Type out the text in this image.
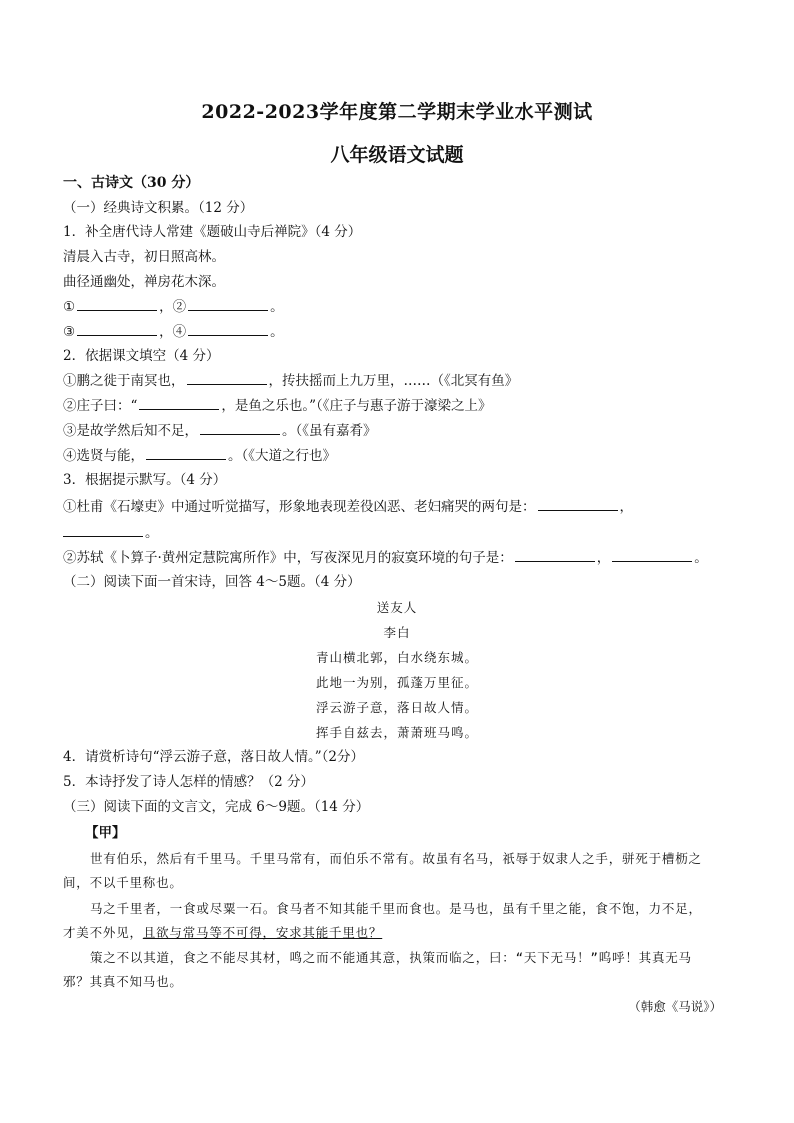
2022-2023学年度第二学期末学业水平测试
八年级语文试题
一、古诗文（30 分）
（一）经典诗文积累。（12 分）
1．补全唐代诗人常建《题破山寺后禅院》（4 分）
清晨入古寺，初日照高林。
曲径通幽处，禅房花木深。
①	，②	。
③	，④	。
2．依据课文填空（4 分）
①鹏之徙于南冥也，	，抟扶摇而上九万里，……（《北冥有鱼》
②庄子曰：“	，是鱼之乐也。”（《庄子与惠子游于濠梁之上》
③是故学然后知不足，	。（《虽有嘉肴》
④选贤与能，	。（《大道之行也》
3．根据提示默写。（4 分）
①杜甫《石壕吏》中通过听觉描写，形象地表现差役凶恶、老妇痛哭的两句是：	，
。
②苏轼《卜算子·黄州定慧院寓所作》中，写夜深见月的寂寞环境的句子是：	，	。
（二）阅读下面一首宋诗，回答 4～5题。（4 分）
送友人
李白
青山横北郭，白水绕东城。
此地一为别，孤蓬万里征。
浮云游子意，落日故人情。
挥手自兹去，萧萧班马鸣。
4．请赏析诗句“浮云游子意，落日故人情。”（2分）
5．本诗抒发了诗人怎样的情感？（2 分）
（三）阅读下面的文言文，完成 6～9题。（14 分）
【甲】
世有伯乐，然后有千里马。千里马常有，而伯乐不常有。故虽有名马，祇辱于奴隶人之手，骈死于槽枥之
间，不以千里称也。
马之千里者，一食或尽粟一石。食马者不知其能千里而食也。是马也，虽有千里之能，食不饱，力不足，
才美不外见，且欲与常马等不可得，安求其能千里也？
策之不以其道，食之不能尽其材，鸣之而不能通其意，执策而临之，曰：“天下无马！”呜呼！其真无马
邪？其真不知马也。
（韩愈《马说》）
